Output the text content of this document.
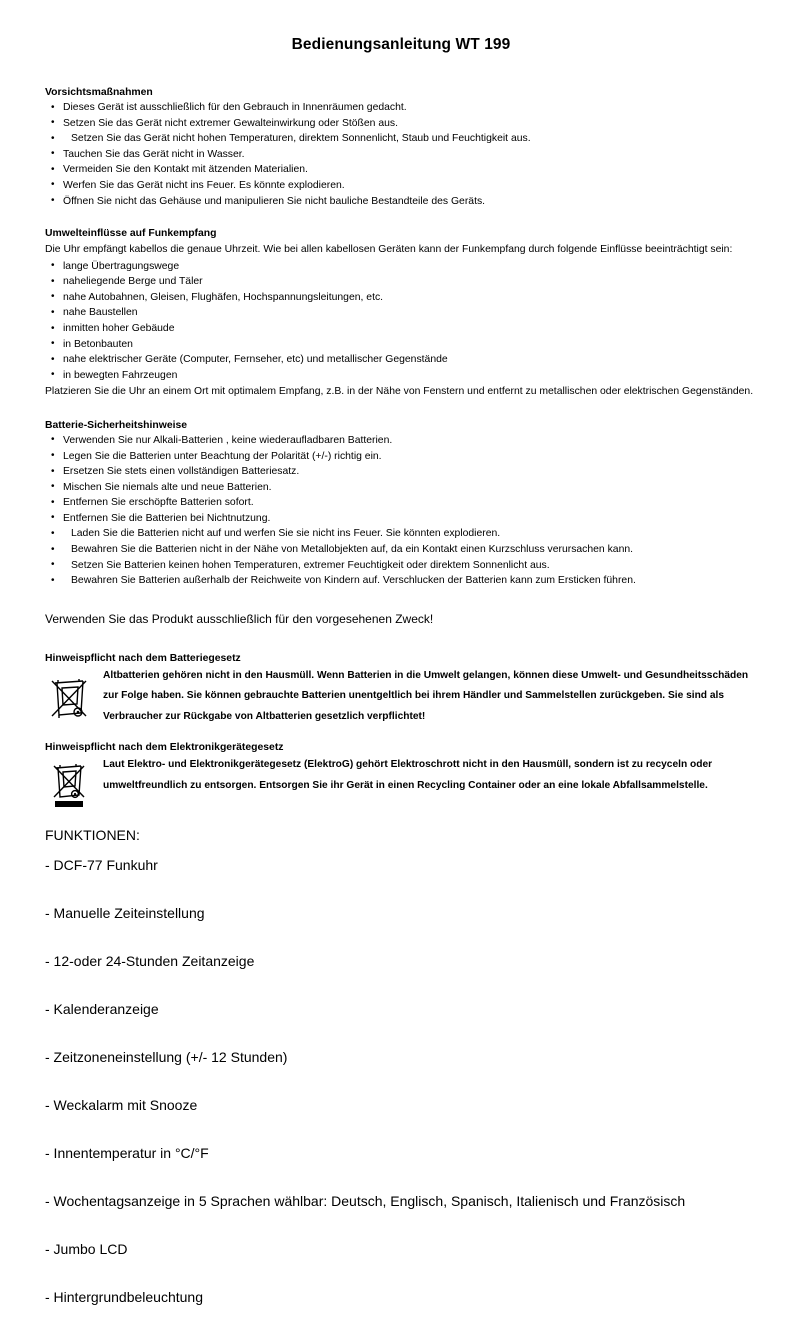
Bedienungsanleitung WT 199
Vorsichtsmaßnahmen
• Dieses Gerät ist ausschließlich für den Gebrauch in Innenräumen gedacht.
• Setzen Sie das Gerät nicht extremer Gewalteinwirkung oder Stößen aus.
• Setzen Sie das Gerät nicht hohen Temperaturen, direktem Sonnenlicht, Staub und Feuchtigkeit aus.
• Tauchen Sie das Gerät nicht in Wasser.
• Vermeiden Sie den Kontakt mit ätzenden Materialien.
• Werfen Sie das Gerät nicht ins Feuer. Es könnte explodieren.
• Öffnen Sie nicht das Gehäuse und manipulieren Sie nicht bauliche Bestandteile des Geräts.
Umwelteinflüsse auf Funkempfang

Die Uhr empfängt kabellos die genaue Uhrzeit. Wie bei allen kabellosen Geräten kann der Funkempfang durch folgende Einflüsse beeinträchtigt sein:

• lange Übertragungswege
• naheliegende Berge und Täler
• nahe Autobahnen, Gleisen, Flughäfen, Hochspannungsleitungen, etc.
• nahe Baustellen
• inmitten hoher Gebäude
• in Betonbauten
• nahe elektrischer Geräte (Computer, Fernseher, etc) und metallischer Gegenstände
• in bewegten Fahrzeugen

Platzieren Sie die Uhr an einem Ort mit optimalem Empfang, z.B. in der Nähe von Fenstern und entfernt zu metallischen oder elektrischen Gegenständen.

Batterie-Sicherheitshinweise
• Verwenden Sie nur Alkali-Batterien , keine wiederaufladbaren Batterien.
• Legen Sie die Batterien unter Beachtung der Polarität (+/-) richtig ein.
• Ersetzen Sie stets einen vollständigen Batteriesatz.
• Mischen Sie niemals alte und neue Batterien.
• Entfernen Sie erschöpfte Batterien sofort.
• Entfernen Sie die Batterien bei Nichtnutzung.
• Laden Sie die Batterien nicht auf und werfen Sie sie nicht ins Feuer. Sie könnten explodieren.
• Bewahren Sie die Batterien nicht in der Nähe von Metallobjekten auf, da ein Kontakt einen Kurzschluss verursachen kann.
• Setzen Sie Batterien keinen hohen Temperaturen, extremer Feuchtigkeit oder direktem Sonnenlicht aus.
• Bewahren Sie Batterien außerhalb der Reichweite von Kindern auf. Verschlucken der Batterien kann zum Ersticken führen.

Verwenden Sie das Produkt ausschließlich für den vorgesehenen Zweck!

Hinweispflicht nach dem Batteriegesetz
Altbatterien gehören nicht in den Hausmüll. Wenn Batterien in die Umwelt gelangen, können diese Umwelt- und Gesundheitsschäden zur Folge haben. Sie können gebrauchte Batterien unentgeltlich bei ihrem Händler und Sammelstellen zurückgeben. Sie sind als Verbraucher zur Rückgabe von Altbatterien gesetzlich verpflichtet!
Hinweispflicht nach dem Elektronikgerätegesetz
Laut Elektro- und Elektronikgerätegesetz (ElektroG) gehört Elektroschrott nicht in den Hausmüll, sondern ist zu recyceln oder umweltfreundlich zu entsorgen. Entsorgen Sie ihr Gerät in einen Recycling Container oder an eine lokale Abfallsammelstelle.
FUNKTIONEN:
- DCF-77 Funkuhr
- Manuelle Zeiteinstellung
- 12-oder 24-Stunden Zeitanzeige
- Kalenderanzeige
- Zeitzoneneinstellung (+/- 12 Stunden)
- Weckalarm mit Snooze
- Innentemperatur in °C/°F
- Wochentagsanzeige in 5 Sprachen wählbar: Deutsch, Englisch, Spanisch, Italienisch und Französisch
- Jumbo LCD
- Hintergrundbeleuchtung
